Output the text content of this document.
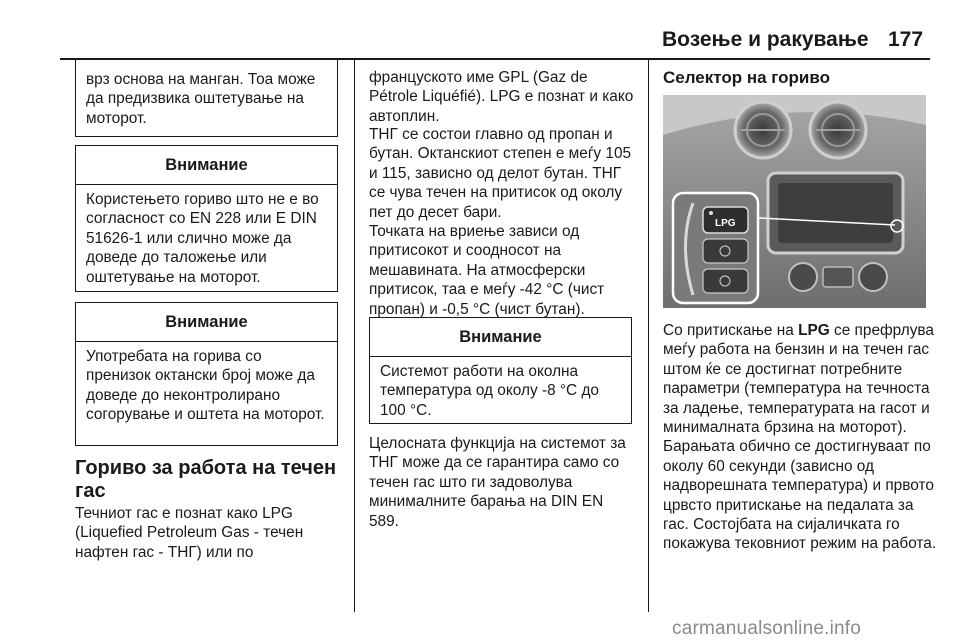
Возење и ракување 177
врз основа на манган. Тоа може да предизвика оштетување на моторот.
Внимание
Користењето гориво што не е во согласност со EN 228 или E DIN 51626-1 или слично може да доведе до таложење или оштетување на моторот.
Внимание
Употребата на горива со пренизок октански број може да доведе до неконтролирано согорување и оштета на моторот.
Гориво за работа на течен гас

Течниот гас е познат како LPG (Liquefied Petroleum Gas - течен нафтен гас - ТНГ) или по

францускoто име GPL (Gaz de Pétrole Liquéfié). LPG е познат и како автоплин.

ТНГ се состои главно од пропан и бутан. Октанскиот степен е меѓу 105 и 115, зависно од делот бутан. ТНГ се чува течен на притисок од околу пет до десет бари.

Точката на вриење зависи од притисокот и соодносот на мешавината. На атмосферски притисок, таа е меѓу -42 °C (чист пропан) и -0,5 °C (чист бутан).

Внимание
Системот работи на околна температура од околу -8 °C до 100 °C.

Целосната функција на системот за ТНГ може да се гарантира само со течен гас што ги задоволува минималните барања на DIN EN 589.

Селектор на гориво
LPG

Со притискање на LPG се префрлува меѓу работа на бензин и на течен гас штом ќе се достигнат потребните параметри (температура на течноста за ладење, температурата на гасот и минималната брзина на моторот). Барањата обично се достигнуваат по околу 60 секунди (зависно од надворешната температура) и првото црвсто притискање на педалата за гас. Состојбата на сијаличката го покажува тековниот режим на работа.

carmanualsonline.info
